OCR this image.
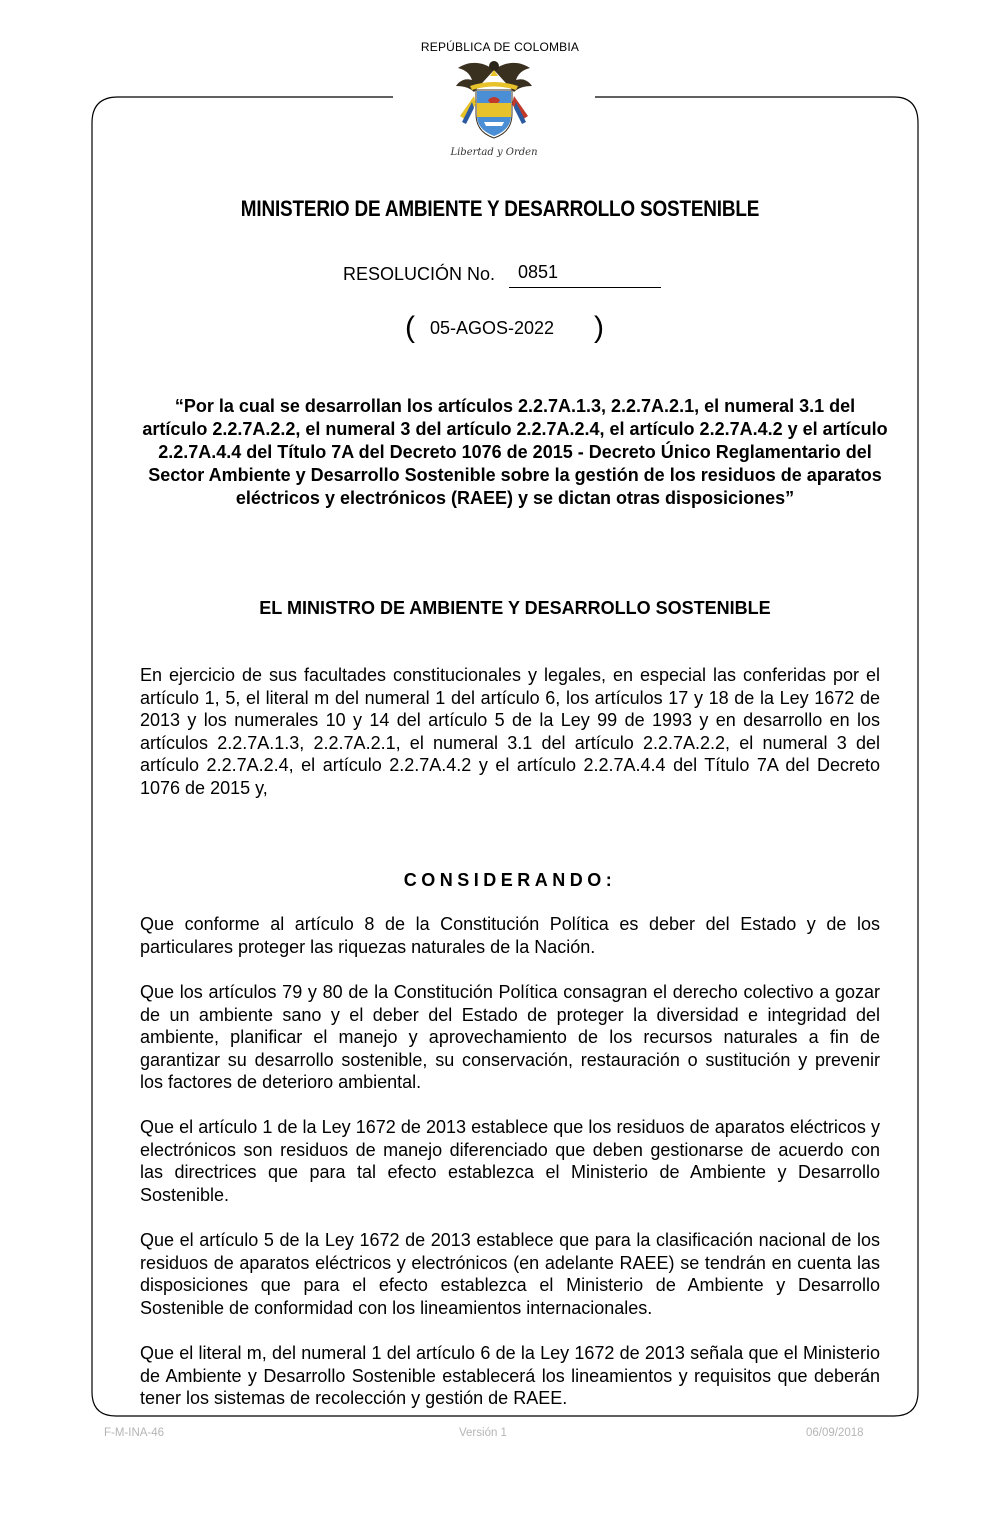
REPÚBLICA DE COLOMBIA
Libertad y Orden
MINISTERIO DE AMBIENTE Y DESARROLLO SOSTENIBLE
RESOLUCIÓN No. 0851
( 05-AGOS-2022 )
“Por la cual se desarrollan los artículos 2.2.7A.1.3, 2.2.7A.2.1, el numeral 3.1 del artículo 2.2.7A.2.2, el numeral 3 del artículo 2.2.7A.2.4, el artículo 2.2.7A.4.2 y el artículo 2.2.7A.4.4 del Título 7A del Decreto 1076 de 2015 - Decreto Único Reglamentario del Sector Ambiente y Desarrollo Sostenible sobre la gestión de los residuos de aparatos eléctricos y electrónicos (RAEE) y se dictan otras disposiciones”
EL MINISTRO DE AMBIENTE Y DESARROLLO SOSTENIBLE
En ejercicio de sus facultades constitucionales y legales, en especial las conferidas por el artículo 1, 5, el literal m del numeral 1 del artículo 6, los artículos 17 y 18 de la Ley 1672 de 2013 y los numerales 10 y 14 del artículo 5 de la Ley 99 de 1993 y en desarrollo en los artículos 2.2.7A.1.3, 2.2.7A.2.1, el numeral 3.1 del artículo 2.2.7A.2.2, el numeral 3 del artículo 2.2.7A.2.4, el artículo 2.2.7A.4.2 y el artículo 2.2.7A.4.4 del Título 7A del Decreto 1076 de 2015 y,
CONSIDERANDO:
Que conforme al artículo 8 de la Constitución Política es deber del Estado y de los particulares proteger las riquezas naturales de la Nación.
Que los artículos 79 y 80 de la Constitución Política consagran el derecho colectivo a gozar de un ambiente sano y el deber del Estado de proteger la diversidad e integridad del ambiente, planificar el manejo y aprovechamiento de los recursos naturales a fin de garantizar su desarrollo sostenible, su conservación, restauración o sustitución y prevenir los factores de deterioro ambiental.
Que el artículo 1 de la Ley 1672 de 2013 establece que los residuos de aparatos eléctricos y electrónicos son residuos de manejo diferenciado que deben gestionarse de acuerdo con las directrices que para tal efecto establezca el Ministerio de Ambiente y Desarrollo Sostenible.
Que el artículo 5 de la Ley 1672 de 2013 establece que para la clasificación nacional de los residuos de aparatos eléctricos y electrónicos (en adelante RAEE) se tendrán en cuenta las disposiciones que para el efecto establezca el Ministerio de Ambiente y Desarrollo Sostenible de conformidad con los lineamientos internacionales.
Que el literal m, del numeral 1 del artículo 6 de la Ley 1672 de 2013 señala que el Ministerio de Ambiente y Desarrollo Sostenible establecerá los lineamientos y requisitos que deberán tener los sistemas de recolección y gestión de RAEE.
F-M-INA-46	Versión 1	06/09/2018
